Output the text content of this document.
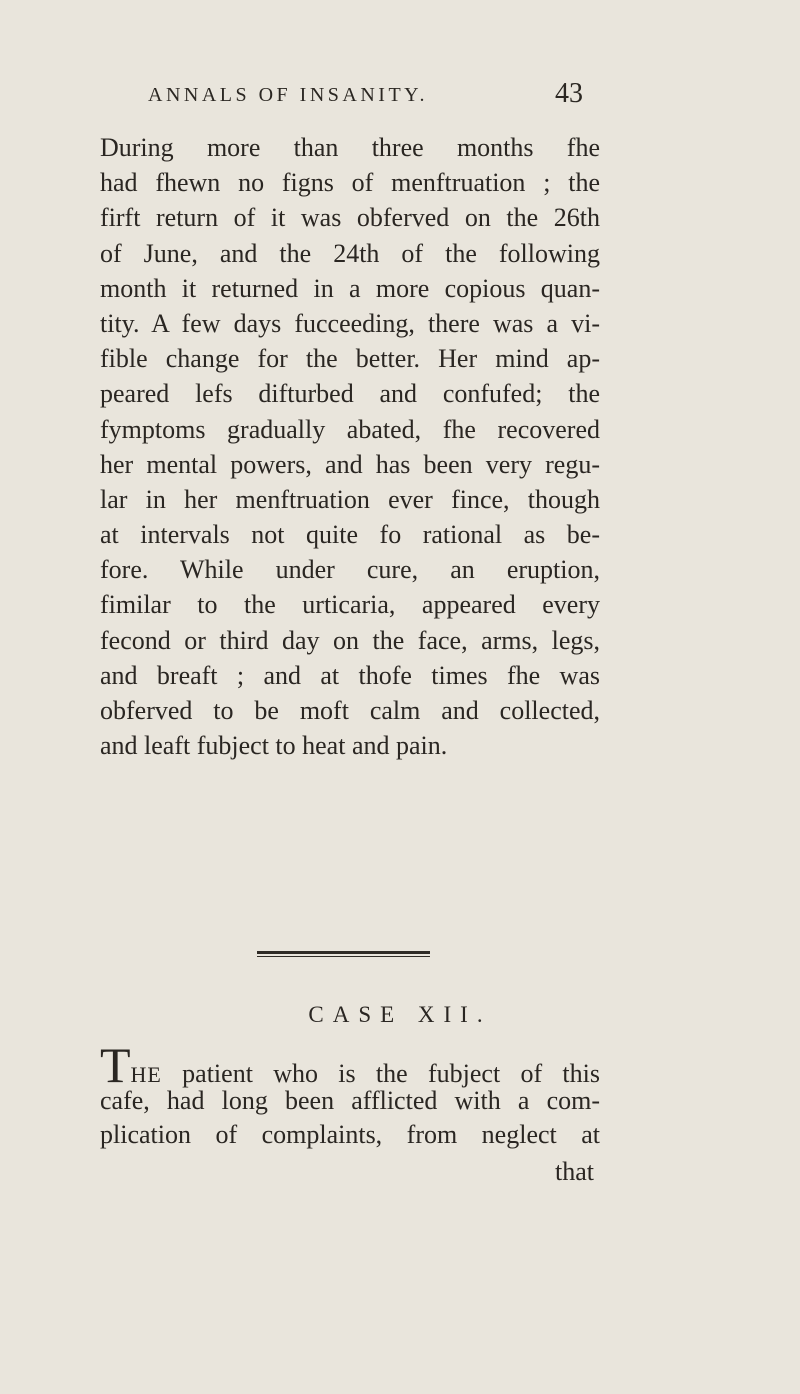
ANNALS OF INSANITY.	43
During more than three months fhe
had fhewn no figns of menftruation ; the
firft return of it was obferved on the 26th
of June, and the 24th of the following
month it returned in a more copious quan-
tity. A few days fucceeding, there was a vi-
fible change for the better. Her mind ap-
peared lefs difturbed and confufed; the
fymptoms gradually abated, fhe recovered
her mental powers, and has been very regu-
lar in her menftruation ever fince, though
at intervals not quite fo rational as be-
fore. While under cure, an eruption,
fimilar to the urticaria, appeared every
fecond or third day on the face, arms, legs,
and breaft ; and at thofe times fhe was
obferved to be moft calm and collected,
and leaft fubject to heat and pain.
CASE XII.
THE patient who is the fubject of this
cafe, had long been afflicted with a com-
plication of complaints, from neglect at
that
